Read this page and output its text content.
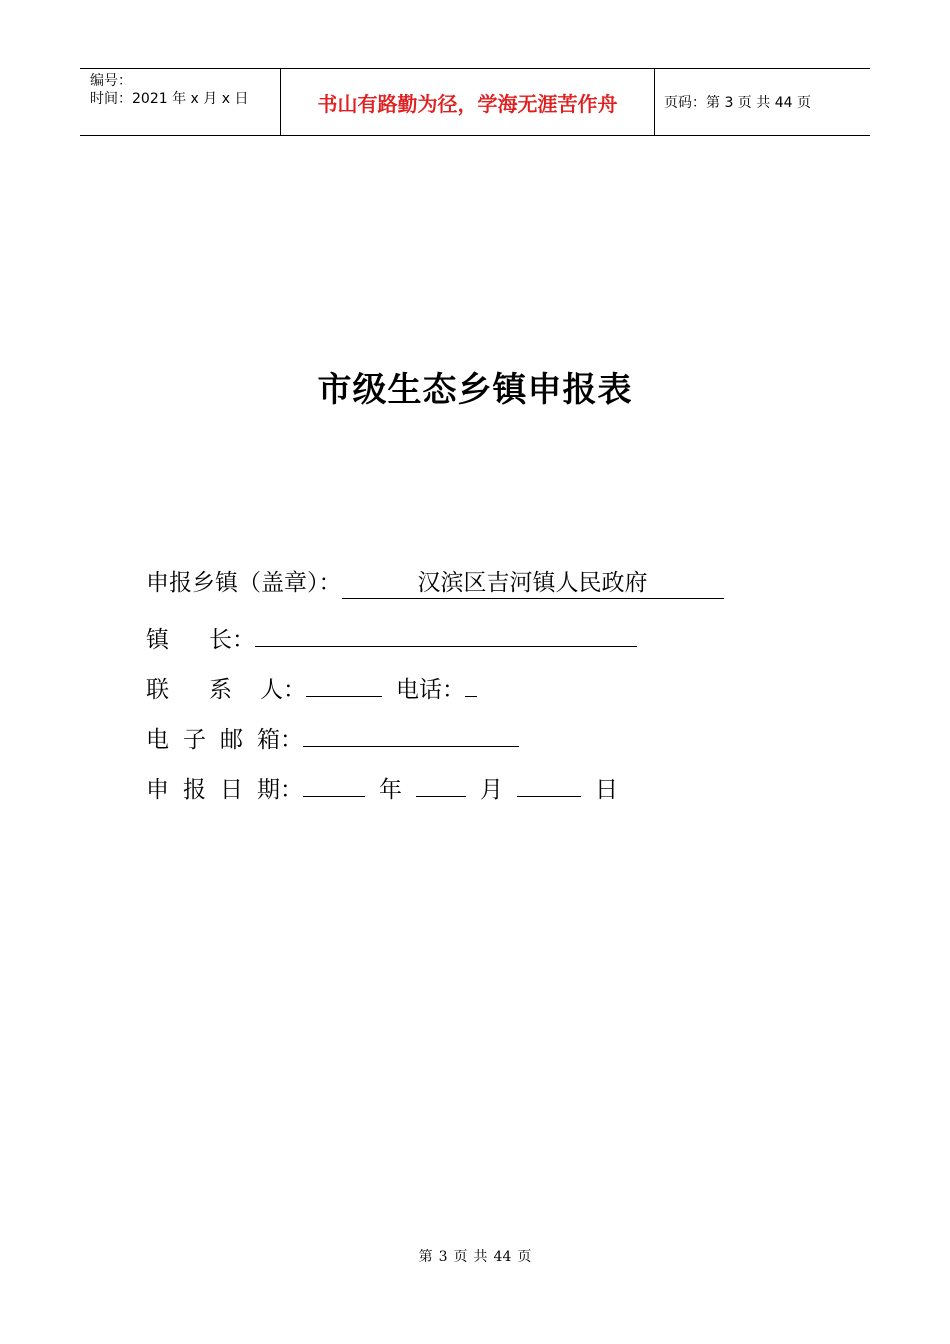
编号：
时间：2021 年 x 月 x 日	书山有路勤为径，学海无涯苦作舟	页码：第 3 页 共 44 页
市级生态乡镇申报表
申报乡镇（盖章）：	汉滨区吉河镇人民政府
镇 长：
联 系 人：	电话：
电 子 邮 箱：
申 报 日 期：	年	月	日
第 3 页 共 44 页
